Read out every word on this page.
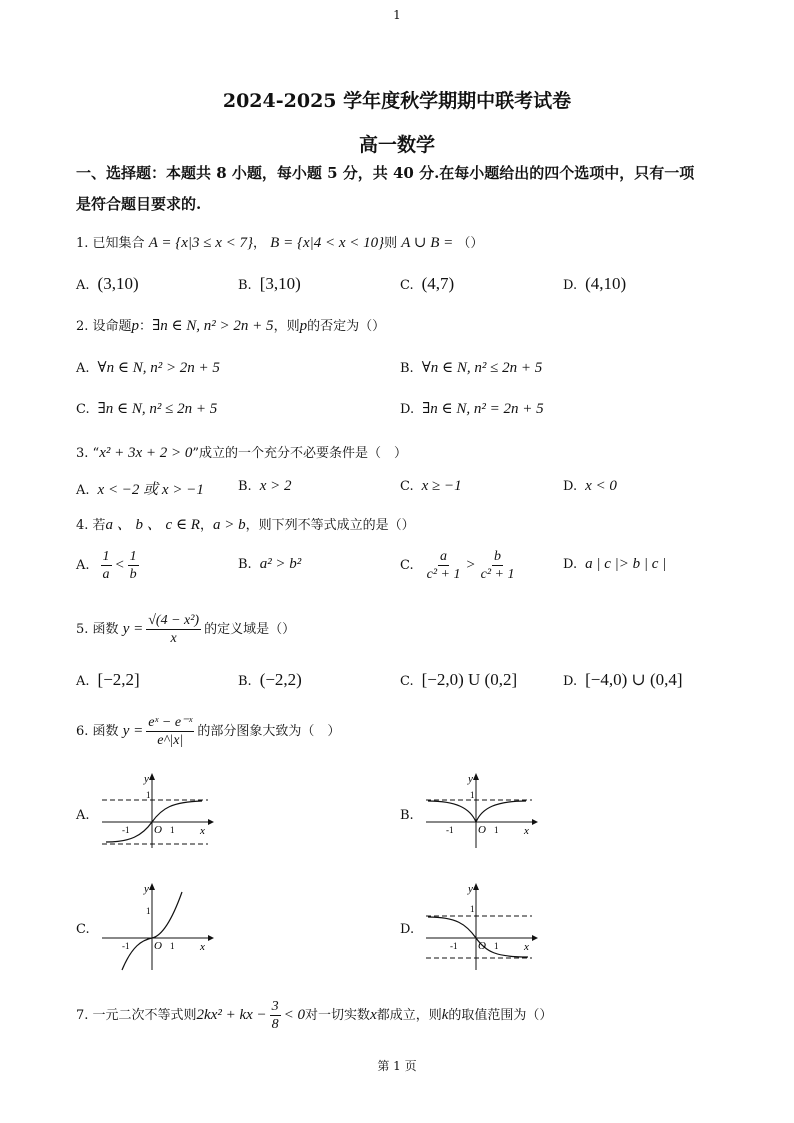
1
2024-2025 学年度秋学期期中联考试卷
高一数学
一、选择题：本题共 8 小题，每小题 5 分，共 40 分.在每小题给出的四个选项中，只有一项
是符合题目要求的.
1. 已知集合 A = {x|3 ≤ x < 7}， B = {x|4 < x < 10}则 A ∪ B = （）
A. (3,10)	B. [3,10)	C. (4,7)	D. (4,10)
2. 设命题p：∃n ∈ N, n² > 2n + 5，则p的否定为（）
A. ∀n ∈ N, n² > 2n + 5	B. ∀n ∈ N, n² ≤ 2n + 5
C. ∃n ∈ N, n² ≤ 2n + 5	D. ∃n ∈ N, n² = 2n + 5
3. “x² + 3x + 2 > 0”成立的一个充分不必要条件是（　）
A. x < −2 或 x > −1	B. x > 2	C. x ≥ −1	D. x < 0
4. 若a 、 b 、 c ∈ R，a > b，则下列不等式成立的是（）
A. $\frac{1}{a} < \frac{1}{b}$	B. a² > b²	C. $\frac{a}{\text{c² + 1}} > \frac{b}{\text{c² + 1}}$	D. a | c |> b | c |
5. 函数 $y = \frac{\text{√(4 − x²)}}{x}$ 的定义域是（）
A. [−2,2]	B. (−2,2)	C. [−2,0) U (0,2]	D. [−4,0) ∪ (0,4]
6. 函数 $y = \frac{\text{eˣ − e⁻ˣ}}{e\^{}|x|}$ 的部分图象大致为（　）
A.
y
1
x
O 1
-1
B.
y
1
x
O 1
-1
C.
y
1
x
O 1
-1
D.
y
1
x
O 1
-1
7. 一元二次不等式则2kx² + kx − $\frac{3}{8} < 0$对一切实数x都成立，则k的取值范围为（）
第 1 页
